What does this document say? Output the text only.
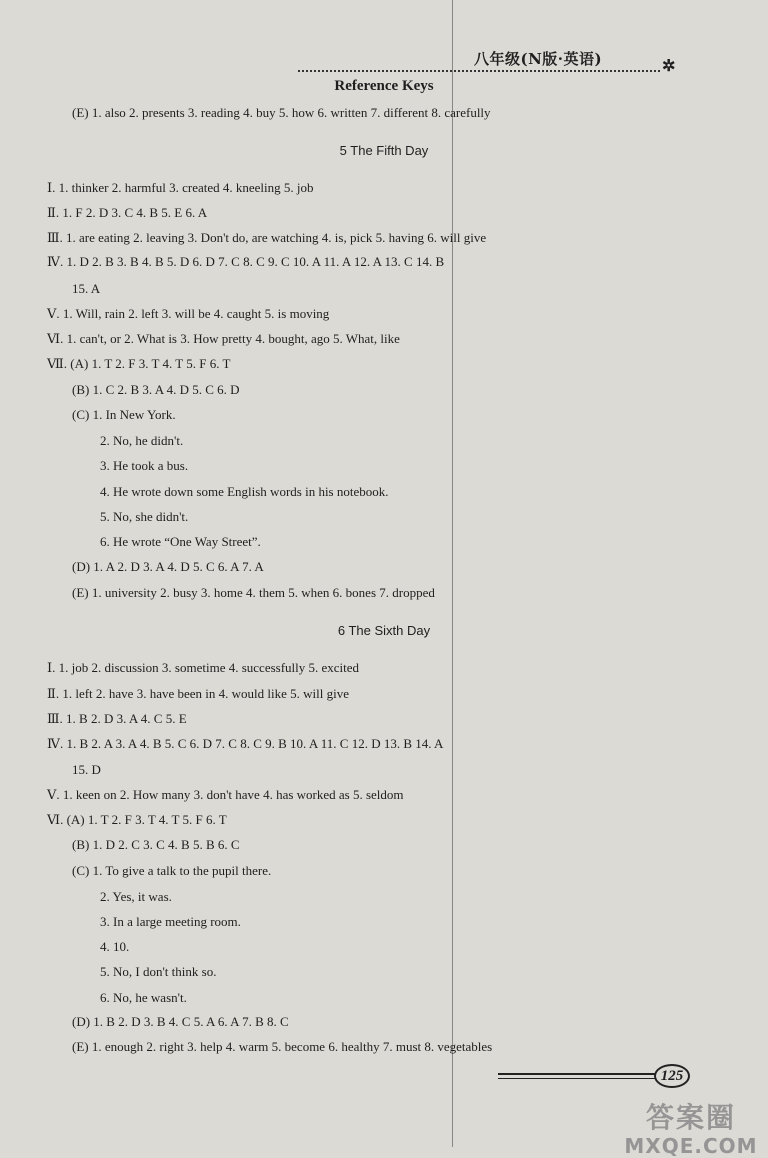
八年级(N版·英语)	✲
Reference Keys
(E) 1. also 2. presents 3. reading 4. buy 5. how 6. written 7. different 8. carefully
5 The Fifth Day
Ⅰ. 1. thinker 2. harmful 3. created 4. kneeling 5. job
Ⅱ. 1. F 2. D 3. C 4. B 5. E 6. A
Ⅲ. 1. are eating 2. leaving 3. Don't do, are watching 4. is, pick 5. having 6. will give
Ⅳ. 1. D 2. B 3. B 4. B 5. D 6. D 7. C 8. C 9. C 10. A 11. A 12. A 13. C 14. B
15. A
Ⅴ. 1. Will, rain 2. left 3. will be 4. caught 5. is moving
Ⅵ. 1. can't, or 2. What is 3. How pretty 4. bought, ago 5. What, like
Ⅶ. (A) 1. T 2. F 3. T 4. T 5. F 6. T
(B) 1. C 2. B 3. A 4. D 5. C 6. D
(C) 1. In New York.
2. No, he didn't.
3. He took a bus.
4. He wrote down some English words in his notebook.
5. No, she didn't.
6. He wrote “One Way Street”.
(D) 1. A 2. D 3. A 4. D 5. C 6. A 7. A
(E) 1. university 2. busy 3. home 4. them 5. when 6. bones 7. dropped
6 The Sixth Day
Ⅰ. 1. job 2. discussion 3. sometime 4. successfully 5. excited
Ⅱ. 1. left 2. have 3. have been in 4. would like 5. will give
Ⅲ. 1. B 2. D 3. A 4. C 5. E
Ⅳ. 1. B 2. A 3. A 4. B 5. C 6. D 7. C 8. C 9. B 10. A 11. C 12. D 13. B 14. A
15. D
Ⅴ. 1. keen on 2. How many 3. don't have 4. has worked as 5. seldom
Ⅵ. (A) 1. T 2. F 3. T 4. T 5. F 6. T
(B) 1. D 2. C 3. C 4. B 5. B 6. C
(C) 1. To give a talk to the pupil there.
2. Yes, it was.
3. In a large meeting room.
4. 10.
5. No, I don't think so.
6. No, he wasn't.
(D) 1. B 2. D 3. B 4. C 5. A 6. A 7. B 8. C
(E) 1. enough 2. right 3. help 4. warm 5. become 6. healthy 7. must 8. vegetables
125
答案圈
MXQE.COM
